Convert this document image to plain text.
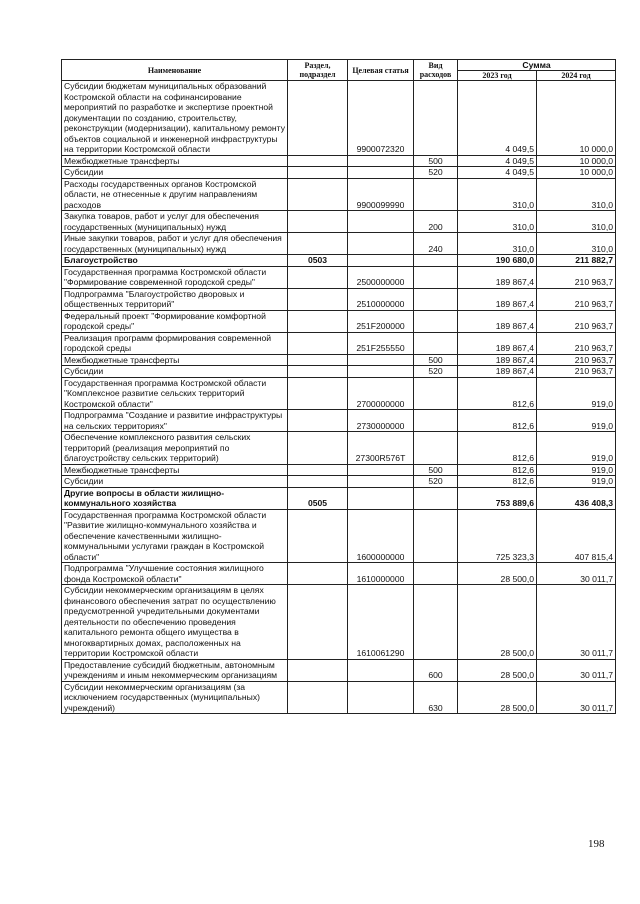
Наименование	Раздел, подраздел	Целевая статья	Вид расходов	Сумма	
				2023 год	2024 год
Субсидии бюджетам муниципальных образований Костромской области на софинансирование мероприятий по разработке и экспертизе проектной документации по созданию, строительству, реконструкции (модернизации), капитальному ремонту объектов социальной и инженерной инфраструктуры на территории Костромской области		9900072320		4 049,5	10 000,0
Межбюджетные трансферты			500	4 049,5	10 000,0
Субсидии			520	4 049,5	10 000,0
Расходы государственных органов Костромской области, не отнесенные к другим направлениям расходов		9900099990		310,0	310,0
Закупка товаров, работ и услуг для обеспечения государственных (муниципальных) нужд			200	310,0	310,0
Иные закупки товаров, работ и услуг для обеспечения государственных (муниципальных) нужд			240	310,0	310,0
Благоустройство	0503			190 680,0	211 882,7
Государственная программа Костромской области "Формирование современной городской среды"		2500000000		189 867,4	210 963,7
Подпрограмма "Благоустройство дворовых и общественных территорий"		2510000000		189 867,4	210 963,7
Федеральный проект "Формирование комфортной городской среды"		251F200000		189 867,4	210 963,7
Реализация программ формирования современной городской среды		251F255550		189 867,4	210 963,7
Межбюджетные трансферты			500	189 867,4	210 963,7
Субсидии			520	189 867,4	210 963,7
Государственная программа Костромской области "Комплексное развитие сельских территорий Костромской области"		2700000000		812,6	919,0
Подпрограмма "Создание и развитие инфраструктуры на сельских территориях"		2730000000		812,6	919,0
Обеспечение комплексного развития сельских территорий (реализация мероприятий по благоустройству сельских территорий)		27300R576T		812,6	919,0
Межбюджетные трансферты			500	812,6	919,0
Субсидии			520	812,6	919,0
Другие вопросы в области жилищно-коммунального хозяйства	0505			753 889,6	436 408,3
Государственная программа Костромской области "Развитие жилищно-коммунального хозяйства и обеспечение качественными жилищно-коммунальными услугами граждан в Костромской области"		1600000000		725 323,3	407 815,4
Подпрограмма "Улучшение состояния жилищного фонда Костромской области"		1610000000		28 500,0	30 011,7
Субсидии некоммерческим организациям в целях финансового обеспечения затрат по осуществлению предусмотренной учредительными документами деятельности по обеспечению проведения капитального ремонта общего имущества в многоквартирных домах, расположенных на территории Костромской области		1610061290		28 500,0	30 011,7
Предоставление субсидий бюджетным, автономным учреждениям и иным некоммерческим организациям			600	28 500,0	30 011,7
Субсидии некоммерческим организациям (за исключением государственных (муниципальных) учреждений)			630	28 500,0	30 011,7
198
